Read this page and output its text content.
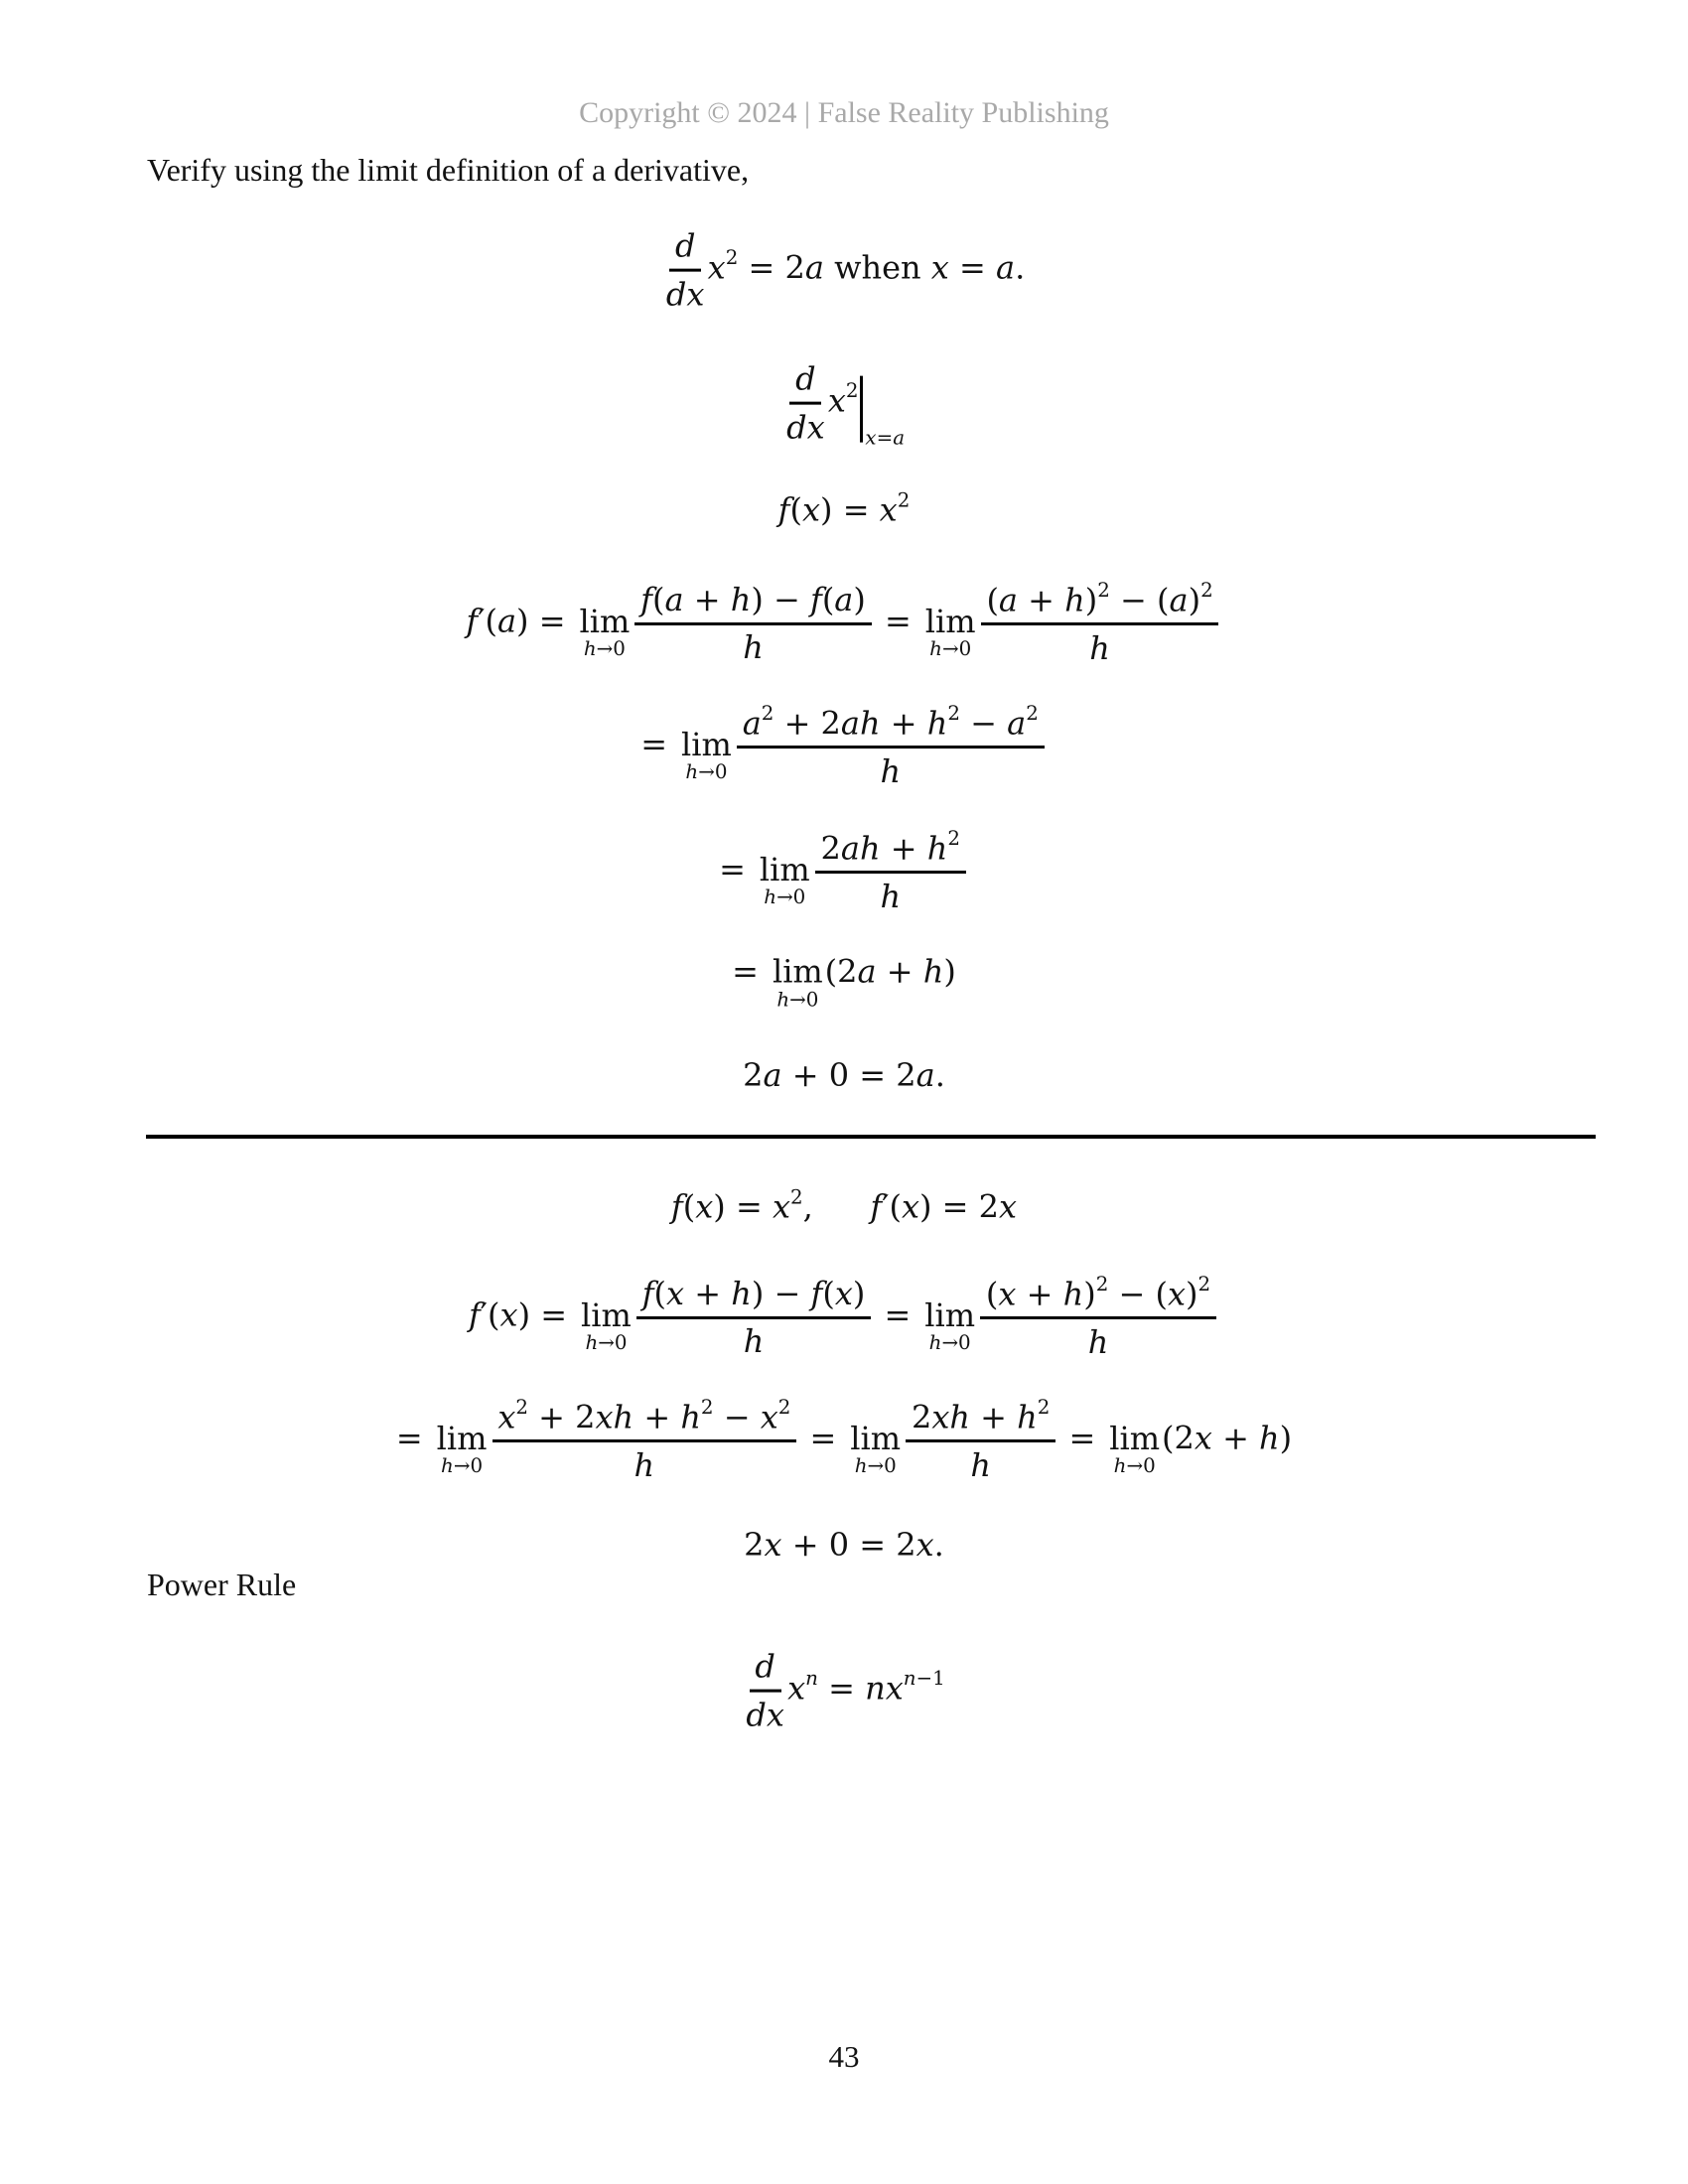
Copyright © 2024 | False Reality Publishing
Verify using the limit definition of a derivative,
$\frac{d}{dx} x^2 = 2a$ when x = a.
$\frac{d}{dx} x^2$
x=a
$f(x) = x^2$
f′(a) = lim
$h\to 0 \frac{f(a + h) - f(a)}{h} = \lim$
$h\to 0 \frac{(a + h)^2 - (a)^2}{h}$
= lim
$h\to 0 \frac{a^2 + 2ah + h^2 - a^2}{h}$
= lim
$h\to 0 \frac{2ah + h^2}{h}$
= lim
h→0
(2a + h)
2a + 0 = 2a.
$f(x) = x^2$, f′(x) = 2x
f′(x) = lim
$h\to 0 \frac{f(x + h) - f(x)}{h} = \lim$
$h\to 0 \frac{(x + h)^2 - (x)^2}{h}$
= lim
$h\to 0 \frac{x^2 + 2xh + h^2 - x^2}{h} = \lim$
$h\to 0 \frac{2xh + h^2}{h} = \lim$
h→0
(2x + h)
2x + 0 = 2x.
Power Rule
$\frac{d}{dx} x^n = nx^{n-1}$
43
